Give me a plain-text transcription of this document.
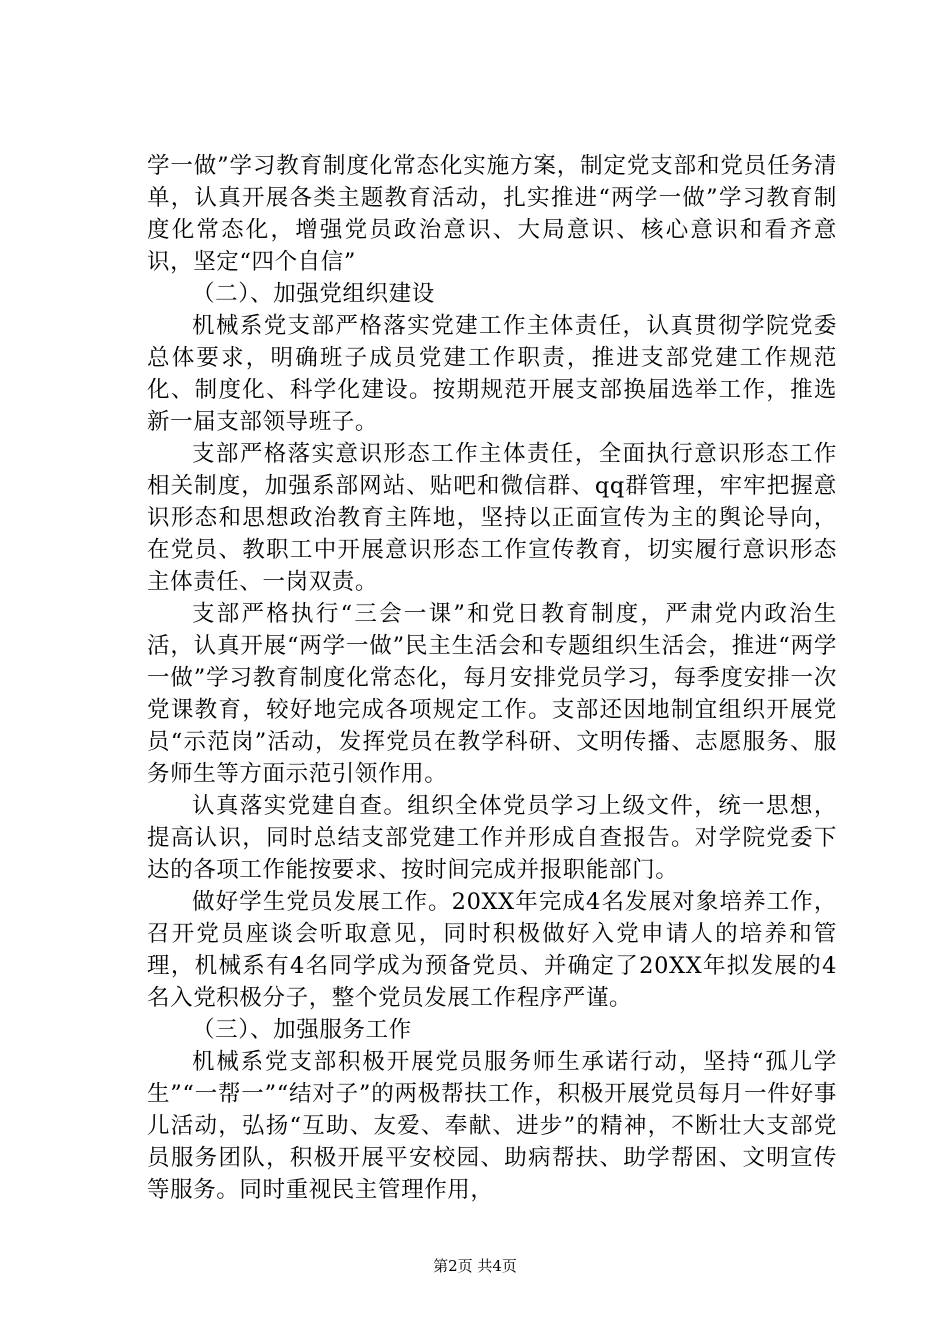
学一做”学习教育制度化常态化实施方案，制定党支部和党员任务清单，认真开展各类主题教育活动，扎实推进“两学一做”学习教育制度化常态化，增强党员政治意识、大局意识、核心意识和看齐意识，坚定“四个自信”

（二）、加强党组织建设

机械系党支部严格落实党建工作主体责任，认真贯彻学院党委总体要求，明确班子成员党建工作职责，推进支部党建工作规范化、制度化、科学化建设。按期规范开展支部换届选举工作，推选新一届支部领导班子。

支部严格落实意识形态工作主体责任，全面执行意识形态工作相关制度，加强系部网站、贴吧和微信群、qq群管理，牢牢把握意识形态和思想政治教育主阵地，坚持以正面宣传为主的舆论导向，在党员、教职工中开展意识形态工作宣传教育，切实履行意识形态主体责任、一岗双责。

支部严格执行“三会一课”和党日教育制度，严肃党内政治生活，认真开展“两学一做”民主生活会和专题组织生活会，推进“两学一做”学习教育制度化常态化，每月安排党员学习，每季度安排一次党课教育，较好地完成各项规定工作。支部还因地制宜组织开展党员“示范岗”活动，发挥党员在教学科研、文明传播、志愿服务、服务师生等方面示范引领作用。

认真落实党建自查。组织全体党员学习上级文件，统一思想，提高认识，同时总结支部党建工作并形成自查报告。对学院党委下达的各项工作能按要求、按时间完成并报职能部门。

做好学生党员发展工作。20XX年完成4名发展对象培养工作，召开党员座谈会听取意见，同时积极做好入党申请人的培养和管理，机械系有4名同学成为预备党员、并确定了20XX年拟发展的4名入党积极分子，整个党员发展工作程序严谨。

（三）、加强服务工作

机械系党支部积极开展党员服务师生承诺行动，坚持“孤儿学生”“一帮一”“结对子”的两极帮扶工作，积极开展党员每月一件好事儿活动，弘扬“互助、友爱、奉献、进步”的精神，不断壮大支部党员服务团队，积极开展平安校园、助病帮扶、助学帮困、文明宣传等服务。同时重视民主管理作用，

第2页 共4页
